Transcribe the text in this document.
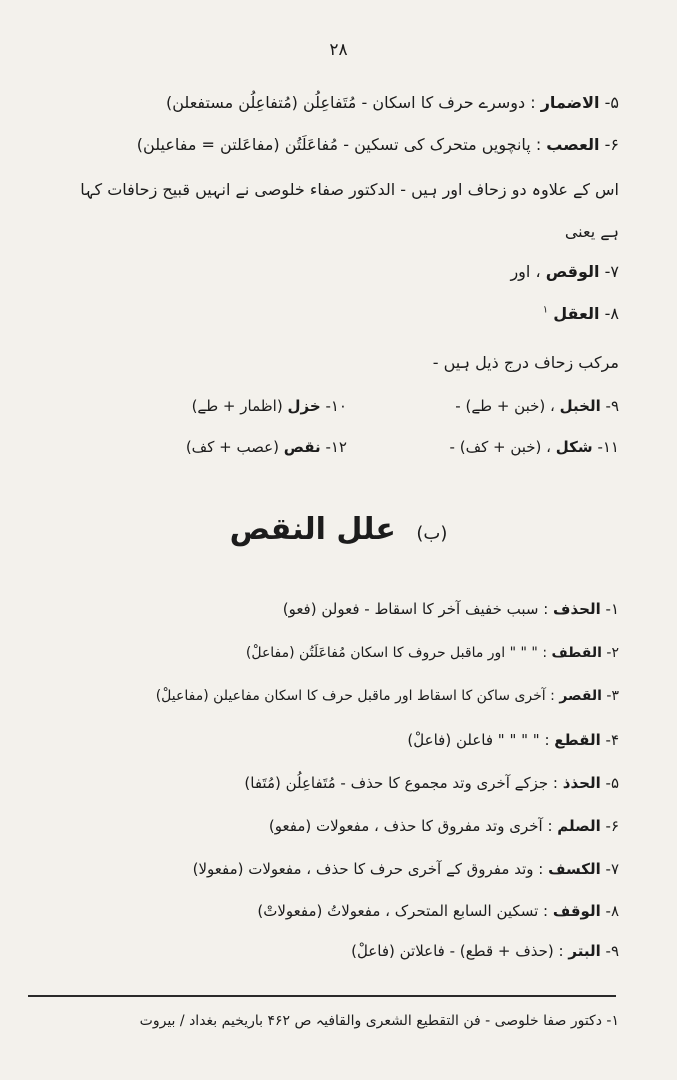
۲۸
۵- الاضمار : دوسرے حرف کا اسکان - مُتَفاعِلُن (مُتفاعِلُن مستفعلن)
۶- العصب : پانچویں متحرک کی تسکین - مُفاعَلَتُن (مفاعَلتن = مفاعیلن)
اس کے علاوہ دو زحاف اور ہیں - الدکتور صفاء خلوصی نے انہیں قبیح زحافات کہا
ہے یعنی
۷- الوقص ، اور
۸- العقل $^۱$
مرکب زحاف درج ذیل ہیں -
۹- الخبل ، (خبن + طے) -
۱۰- خزل (اظمار + طے)
۱۱- شکل ، (خبن + کف) -
۱۲- نقص (عصب + کف)
(ب) علل النقص
۱- الحذف : سبب خفیف آخر کا اسقاط - فعولن (فعو)
۲- القطف : " " " اور ماقبل حروف کا اسکان مُفاعَلَتُن (مفاعلْ)
۳- القصر : آخری ساکن کا اسقاط اور ماقبل حرف کا اسکان مفاعیلن (مفاعیلْ)
۴- القطع : " " " " فاعلن (فاعلْ)
۵- الحذذ : جزکے آخری وتد مجموع کا حذف - مُتَفاعِلُن (مُتَفا)
۶- الصلم : آخری وتد مفروق کا حذف ، مفعولات (مفعو)
۷- الکسف : وتد مفروق کے آخری حرف کا حذف ، مفعولات (مفعولا)
۸- الوقف : تسکین السابع المتحرک ، مفعولاتُ (مفعولاتْ)
۹- البتر : (حذف + قطع) - فاعلاتن (فاعلْ)
۱- دکتور صفا خلوصی - فن التقطیع الشعری والقافیہ ص ۴۶۲ باریخیم بغداد / بیروت
